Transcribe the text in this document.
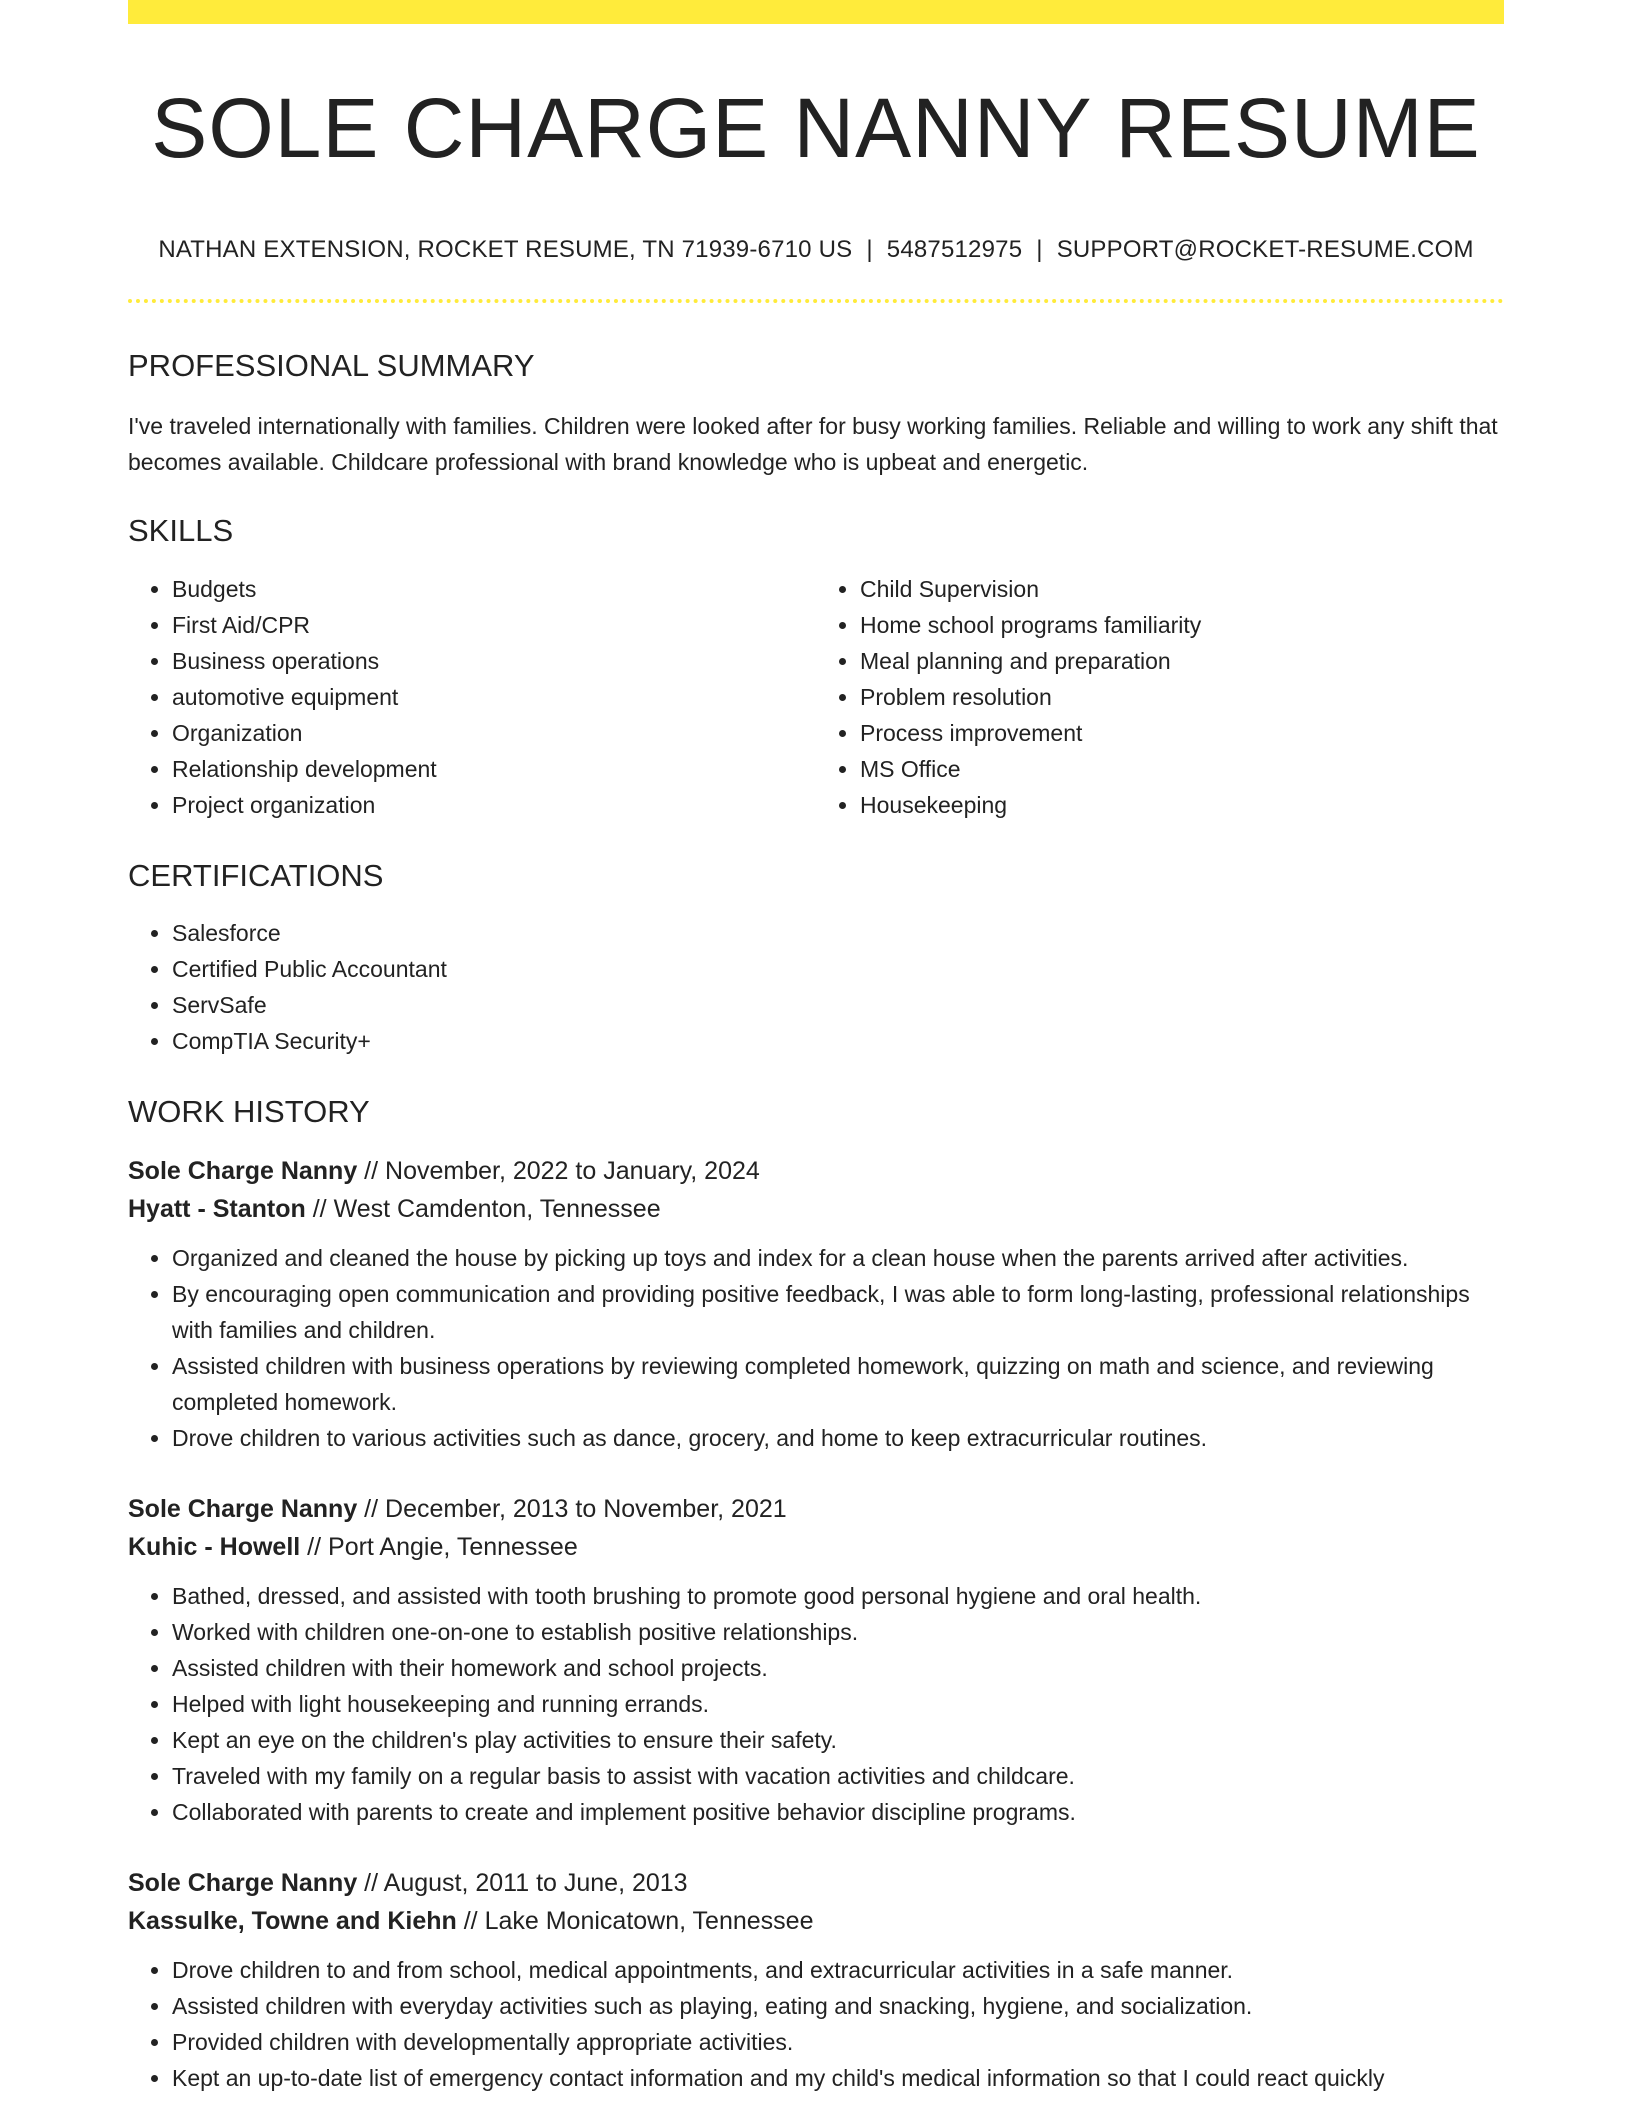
SOLE CHARGE NANNY RESUME
NATHAN EXTENSION, ROCKET RESUME, TN 71939-6710 US | 5487512975 | SUPPORT@ROCKET-RESUME.COM
PROFESSIONAL SUMMARY
I've traveled internationally with families. Children were looked after for busy working families. Reliable and willing to work any shift that becomes available. Childcare professional with brand knowledge who is upbeat and energetic.
SKILLS
• Budgets
• First Aid/CPR
• Business operations
• automotive equipment
• Organization
• Relationship development
• Project organization
• Child Supervision
• Home school programs familiarity
• Meal planning and preparation
• Problem resolution
• Process improvement
• MS Office
• Housekeeping
CERTIFICATIONS
• Salesforce
• Certified Public Accountant
• ServSafe
• CompTIA Security+
WORK HISTORY
Sole Charge Nanny // November, 2022 to January, 2024
Hyatt - Stanton // West Camdenton, Tennessee
• Organized and cleaned the house by picking up toys and index for a clean house when the parents arrived after activities.
• By encouraging open communication and providing positive feedback, I was able to form long-lasting, professional relationships with families and children.
• Assisted children with business operations by reviewing completed homework, quizzing on math and science, and reviewing completed homework.
• Drove children to various activities such as dance, grocery, and home to keep extracurricular routines.
Sole Charge Nanny // December, 2013 to November, 2021
Kuhic - Howell // Port Angie, Tennessee
• Bathed, dressed, and assisted with tooth brushing to promote good personal hygiene and oral health.
• Worked with children one-on-one to establish positive relationships.
• Assisted children with their homework and school projects.
• Helped with light housekeeping and running errands.
• Kept an eye on the children's play activities to ensure their safety.
• Traveled with my family on a regular basis to assist with vacation activities and childcare.
• Collaborated with parents to create and implement positive behavior discipline programs.
Sole Charge Nanny // August, 2011 to June, 2013
Kassulke, Towne and Kiehn // Lake Monicatown, Tennessee
• Drove children to and from school, medical appointments, and extracurricular activities in a safe manner.
• Assisted children with everyday activities such as playing, eating and snacking, hygiene, and socialization.
• Provided children with developmentally appropriate activities.
• Kept an up-to-date list of emergency contact information and my child's medical information so that I could react quickly
